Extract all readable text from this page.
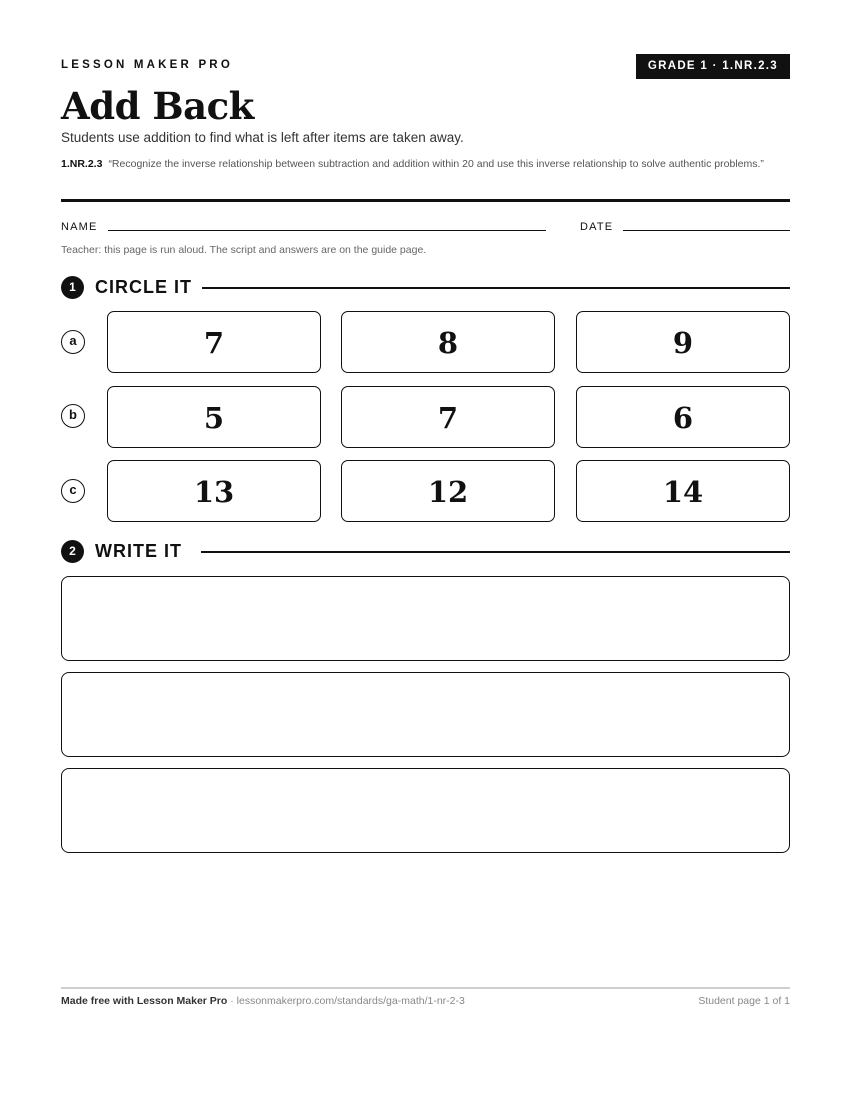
LESSON MAKER PRO	GRADE 1 · 1.NR.2.3
Add Back
Students use addition to find what is left after items are taken away.
1.NR.2.3 “Recognize the inverse relationship between subtraction and addition within 20 and use this inverse relationship to solve authentic problems.”
NAME	DATE
Teacher: this page is run aloud. The script and answers are on the guide page.
1	CIRCLE IT
a	7	8	9
b	5	7	6
c	13	12	14
2	WRITE IT
Made free with Lesson Maker Pro · lessonmakerpro.com/standards/ga-math/1-nr-2-3	Student page 1 of 1
